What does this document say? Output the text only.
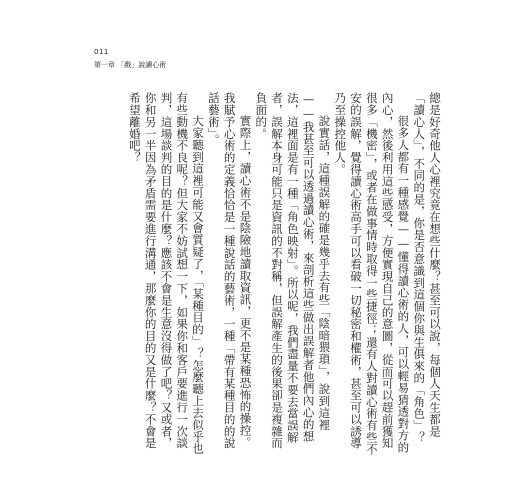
011
第一章 「戲」說讀心術

總是好奇他人心裡究竟在想些什麼？甚至可以說，每個人天生都是「讀心人」，不同的是，你是否意識到這個你與生俱來的「角色」？

很多人都有一種感覺——懂得讀心術的人，可以輕易猜透對方的內心，然後利用這些感受，方便實現自己的意圖，從而可以趕前獲知很多「機密」，或者在做事情時取得一些捷徑；還有人對讀心術有些不安的誤解，覺得讀心術高手可以看破一切秘密和權術，甚至可以誘導乃至操控他人。

說實話，這種誤解的確是幾乎去有些「陰暗猥瑣」，說到這裡——我甚至可以透過讀心術，來剖析這些做出誤解者他們內心的想法，這裡面是有一種「角色映射」。所以呢，我們盡量不要去當誤解者，誤解本身可能只是資訊的不對稱，但誤解產生的後果卻是複雜而負面的。

實際上，讀心術不是陰險地讀取資訊，更不是某種恐怖的操控。我賦予心術的定義恰恰是一種說話的藝術，一種「帶有某種目的的說話藝術」。

大家聽到這裡可能又會質疑了，「某種目的」？怎麼聽上去似乎也有些動機不良呢？但大家不妨試想一下，如果你和客戶要進行一次談判，這場談判的目的是什麼？應該不會是生意沒得做了吧？又或者，你和另一半因為矛盾需要進行溝通，那麼你的目的又是什麼？不會是希望離婚吧？
